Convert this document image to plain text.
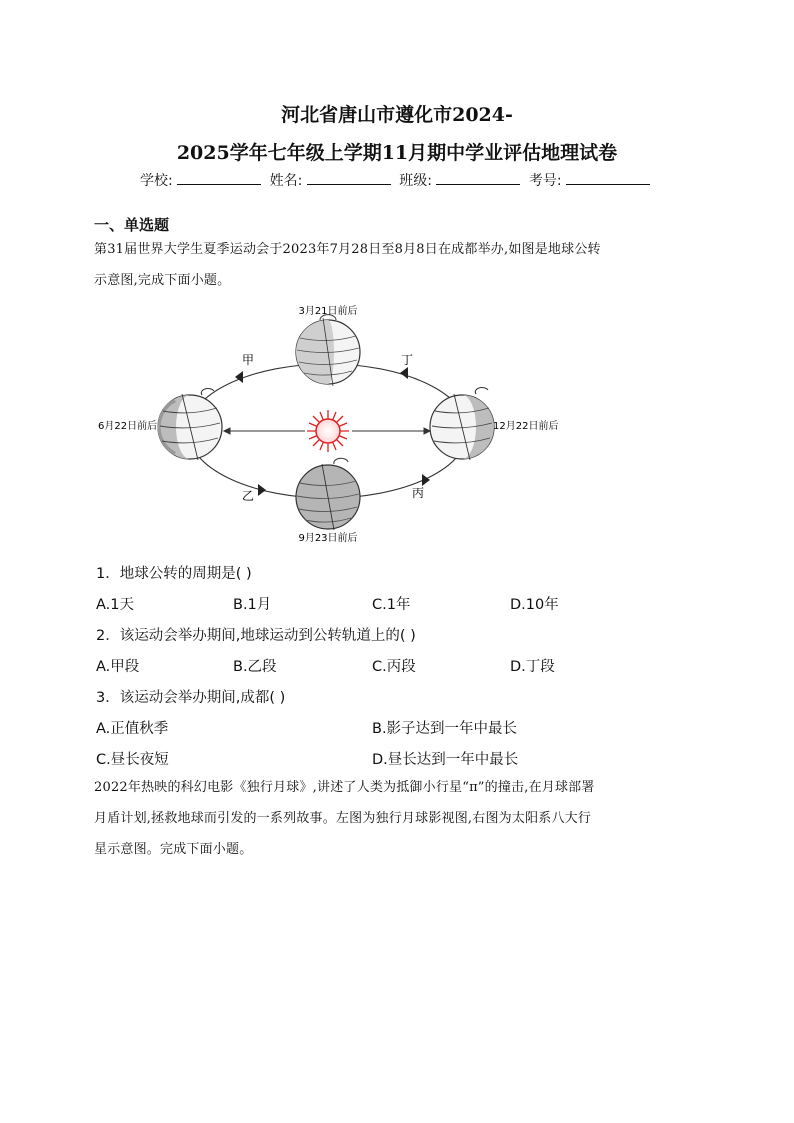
河北省唐山市遵化市2024-
2025学年七年级上学期11月期中学业评估地理试卷
学校:	姓名:	班级:	考号:
一、单选题
第31届世界大学生夏季运动会于2023年7月28日至8月8日在成都举办,如图是地球公转
示意图,完成下面小题。
3月21日前后
6月22日前后	12月22日前后
9月23日前后
甲
乙	丙
丁
1．地球公转的周期是( )
A.1天	B.1月	C.1年	D.10年
2．该运动会举办期间,地球运动到公转轨道上的( )
A.甲段	B.乙段	C.丙段	D.丁段
3．该运动会举办期间,成都( )
A.正值秋季	B.影子达到一年中最长
C.昼长夜短	D.昼长达到一年中最长
2022年热映的科幻电影《独行月球》,讲述了人类为抵御小行星“π”的撞击,在月球部署
月盾计划,拯救地球而引发的一系列故事。左图为独行月球影视图,右图为太阳系八大行
星示意图。完成下面小题。
